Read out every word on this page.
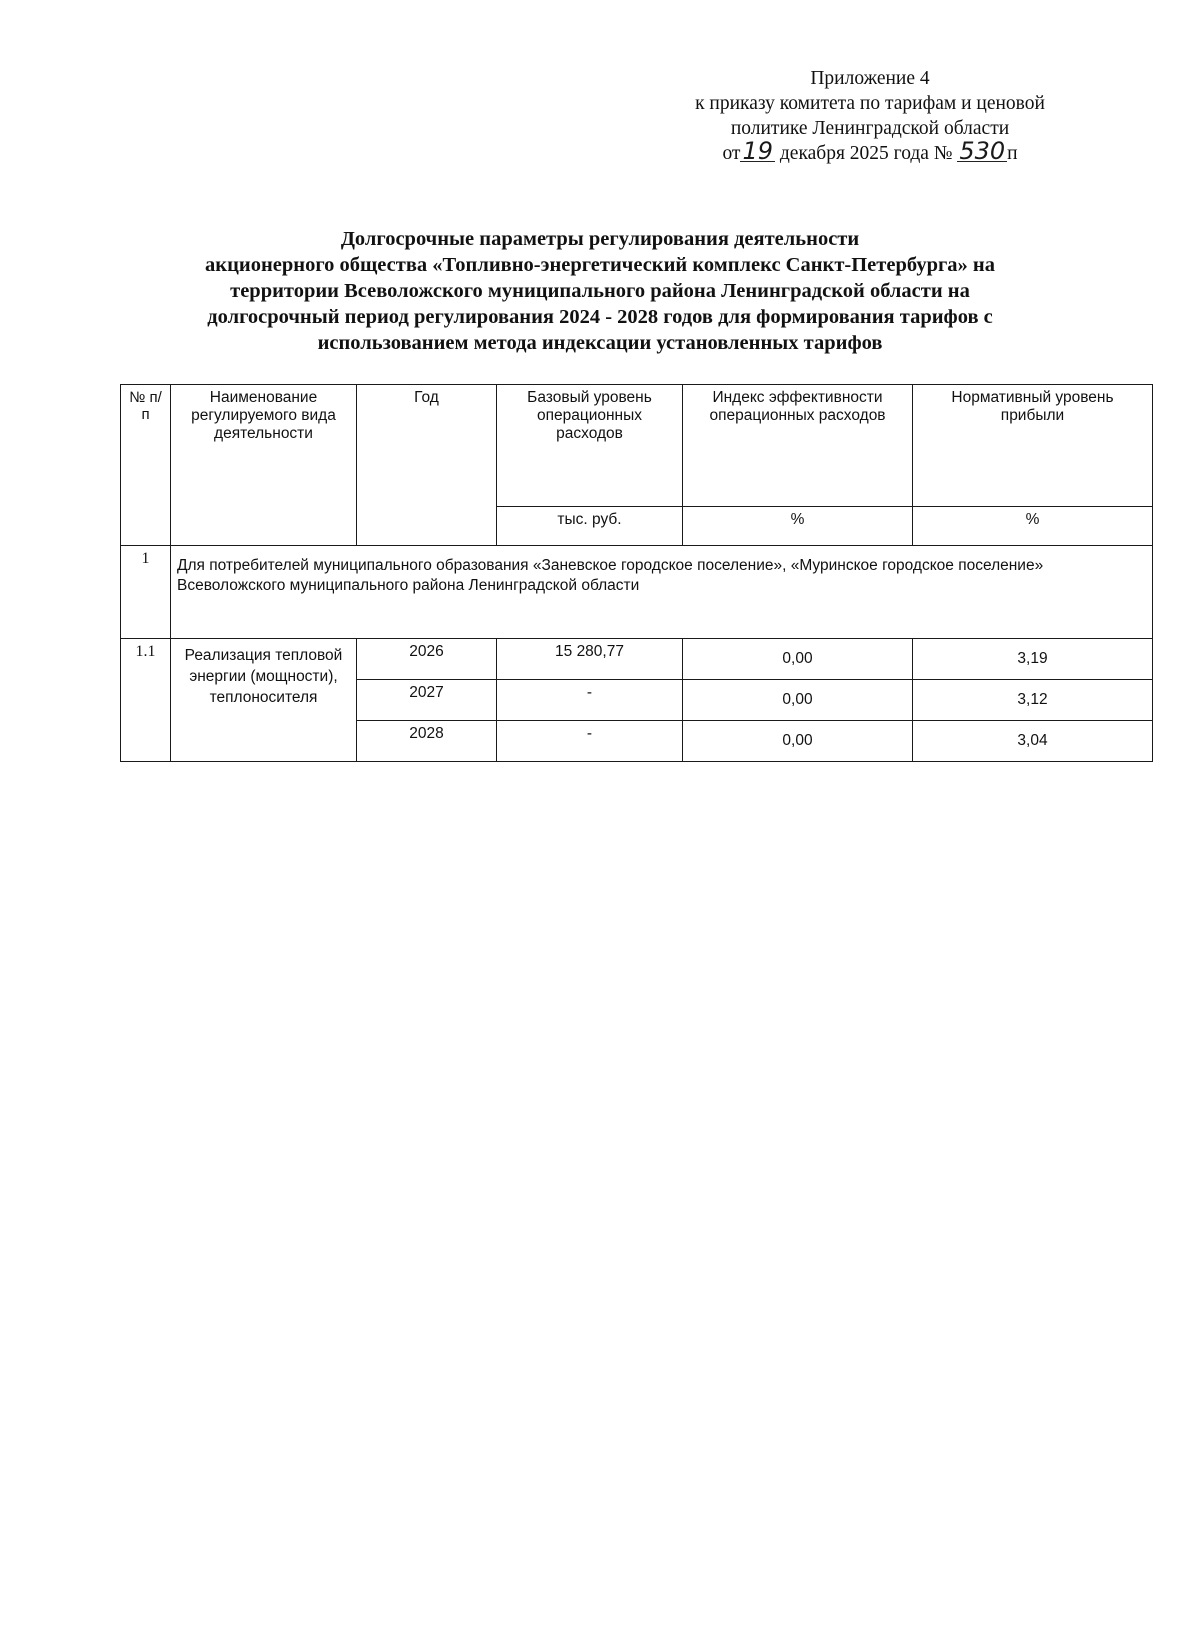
Приложение 4
к приказу комитета по тарифам и ценовой
политике Ленинградской области
от19 декабря 2025 года № 530 п
Долгосрочные параметры регулирования деятельности
акционерного общества «Топливно-энергетический комплекс Санкт-Петербурга» на
территории Всеволожского муниципального района Ленинградской области на
долгосрочный период регулирования 2024 - 2028 годов для формирования тарифов с
использованием метода индексации установленных тарифов
№ п/п	Наименование регулируемого вида деятельности	Год	Базовый уровень операционных расходов	Индекс эффективности операционных расходов	Нормативный уровень прибыли
			тыс. руб.	%	%
1	Для потребителей муниципального образования «Заневское городское поселение», «Муринское городское поселение» Всеволожского муниципального района Ленинградской области				
1.1	Реализация тепловой энергии (мощности), теплоносителя	2026	15 280,77	0,00	3,19
		2027	-	0,00	3,12
		2028	-	0,00	3,04
